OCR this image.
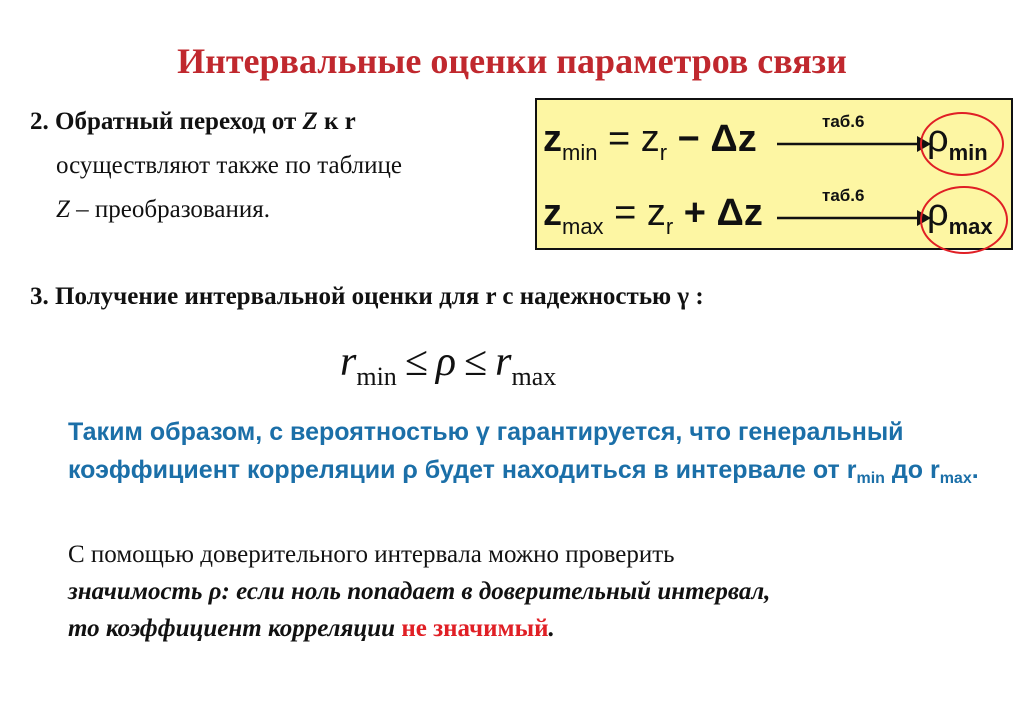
Интервальные оценки параметров связи
2. Обратный переход от Z к r
осуществляют также по таблице
Z – преобразования.
$z_{min} = z_r - \Delta z$	таб.6 $\rho_{min}$
$z_{max} = z_r + \Delta z$	таб.6 $\rho_{max}$
3. Получение интервальной оценки для r с надежностью γ :
$r_{min} \le \rho \le r_{max}$
Таким образом, с вероятностью γ гарантируется, что генеральный коэффициент корреляции ρ будет находиться в интервале от $r_{min}$ до $r_{max}$.
С помощью доверительного интервала можно проверить
значимость ρ: если ноль попадает в доверительный интервал,
то коэффициент корреляции не значимый.
